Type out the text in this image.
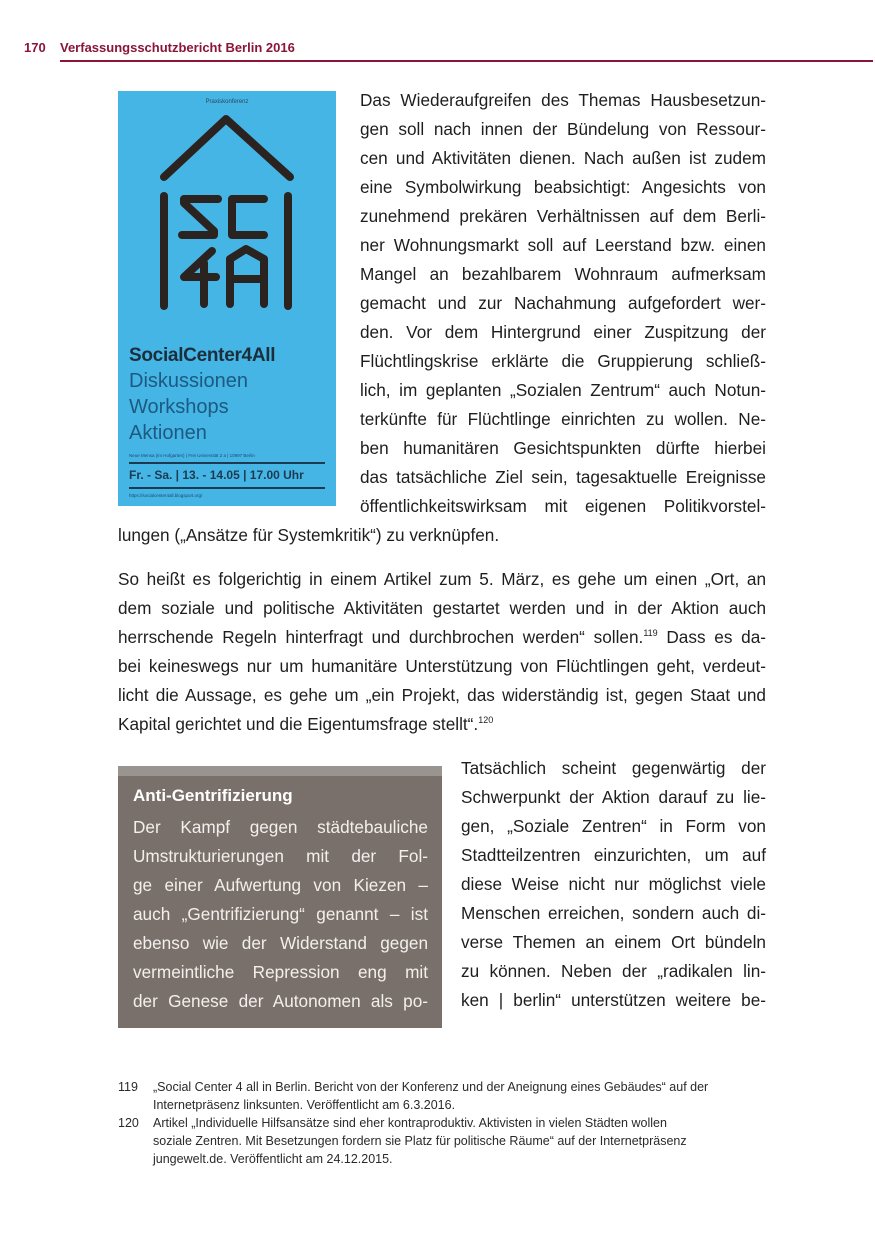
170 Verfassungsschutzbericht Berlin 2016
Praxiskonferenz
SocialCenter4All
Diskussionen
Workshops
Aktionen
Neue Mensa (im Hofgarten) | Frei Universität 2 a | 10997 Berlin
Fr. - Sa. | 13. - 14.05 | 17.00 Uhr
https://socialcenter4all.blogsport.org/
Das Wiederaufgreifen des Themas Hausbesetzun-
gen soll nach innen der Bündelung von Ressour-
cen und Aktivitäten dienen. Nach außen ist zudem
eine Symbolwirkung beabsichtigt: Angesichts von
zunehmend prekären Verhältnissen auf dem Berli-
ner Wohnungsmarkt soll auf Leerstand bzw. einen
Mangel an bezahlbarem Wohnraum aufmerksam
gemacht und zur Nachahmung aufgefordert wer-
den. Vor dem Hintergrund einer Zuspitzung der
Flüchtlingskrise erklärte die Gruppierung schließ-
lich, im geplanten „Sozialen Zentrum“ auch Notun-
terkünfte für Flüchtlinge einrichten zu wollen. Ne-
ben humanitären Gesichtspunkten dürfte hierbei
das tatsächliche Ziel sein, tagesaktuelle Ereignisse
öffentlichkeitswirksam mit eigenen Politikvorstel-
lungen („Ansätze für Systemkritik“) zu verknüpfen.
So heißt es folgerichtig in einem Artikel zum 5. März, es gehe um einen „Ort, an
dem soziale und politische Aktivitäten gestartet werden und in der Aktion auch
herrschende Regeln hinterfragt und durchbrochen werden“ sollen.$^{119}$ Dass es da-
bei keineswegs nur um humanitäre Unterstützung von Flüchtlingen geht, verdeut-
licht die Aussage, es gehe um „ein Projekt, das widerständig ist, gegen Staat und
Kapital gerichtet und die Eigentumsfrage stellt“.$^{120}$
Anti-Gentrifizierung
Der Kampf gegen städtebauliche
Umstrukturierungen mit der Fol-
ge einer Aufwertung von Kiezen –
auch „Gentrifizierung“ genannt – ist
ebenso wie der Widerstand gegen
vermeintliche Repression eng mit
der Genese der Autonomen als po-
Tatsächlich scheint gegenwärtig der
Schwerpunkt der Aktion darauf zu lie-
gen, „Soziale Zentren“ in Form von
Stadtteilzentren einzurichten, um auf
diese Weise nicht nur möglichst viele
Menschen erreichen, sondern auch di-
verse Themen an einem Ort bündeln
zu können. Neben der „radikalen lin-
ken | berlin“ unterstützen weitere be-
119 „Social Center 4 all in Berlin. Bericht von der Konferenz und der Aneignung eines Gebäudes“ auf der
Internetpräsenz linksunten. Veröffentlicht am 6.3.2016.
120 Artikel „Individuelle Hilfsansätze sind eher kontraproduktiv. Aktivisten in vielen Städten wollen
soziale Zentren. Mit Besetzungen fordern sie Platz für politische Räume“ auf der Internetpräsenz
jungewelt.de. Veröffentlicht am 24.12.2015.
